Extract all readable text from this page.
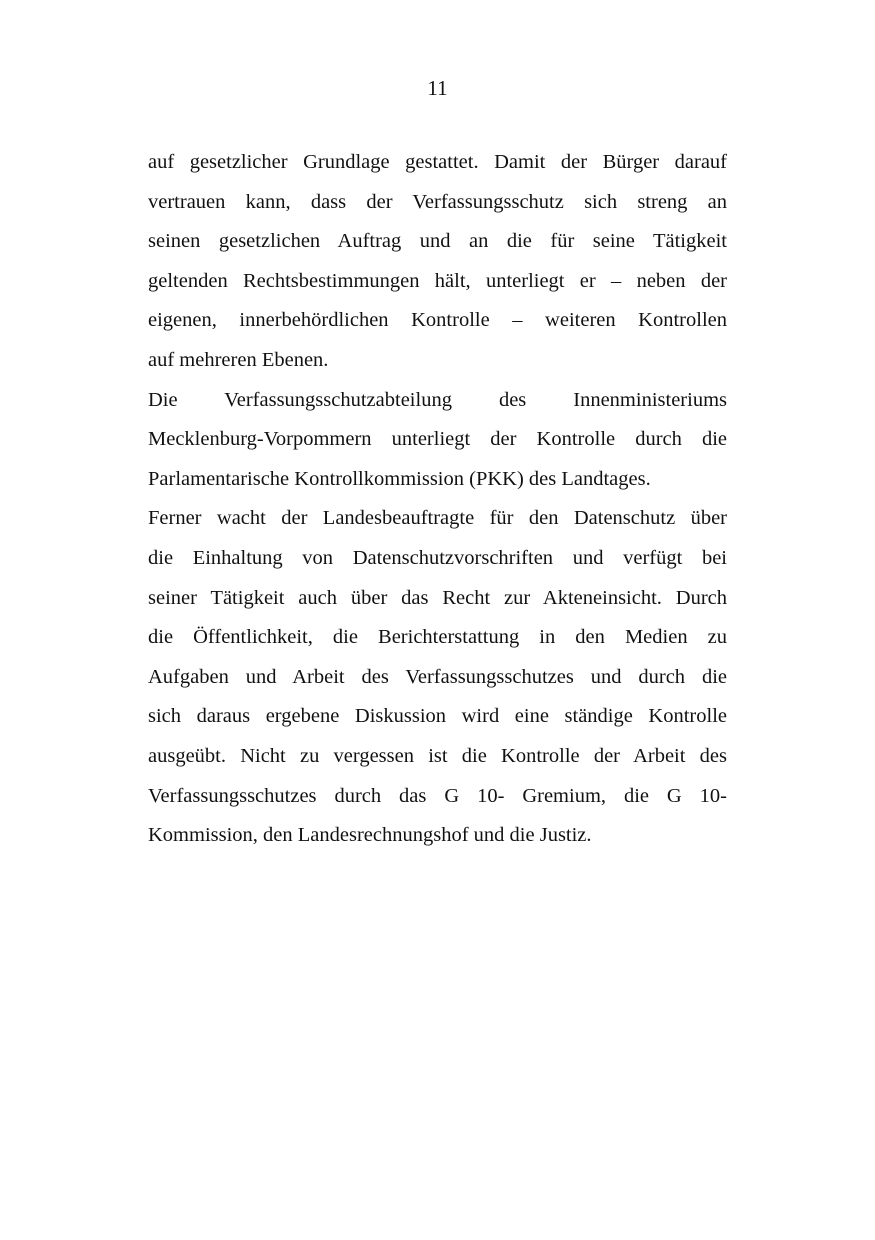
11
auf gesetzlicher Grundlage gestattet. Damit der Bürger darauf
vertrauen kann, dass der Verfassungsschutz sich streng an
seinen gesetzlichen Auftrag und an die für seine Tätigkeit
geltenden Rechtsbestimmungen hält, unterliegt er – neben der
eigenen, innerbehördlichen Kontrolle – weiteren Kontrollen
auf mehreren Ebenen.
Die Verfassungsschutzabteilung des Innenministeriums
Mecklenburg-Vorpommern unterliegt der Kontrolle durch die
Parlamentarische Kontrollkommission (PKK) des Landtages.
Ferner wacht der Landesbeauftragte für den Datenschutz über
die Einhaltung von Datenschutzvorschriften und verfügt bei
seiner Tätigkeit auch über das Recht zur Akteneinsicht. Durch
die Öffentlichkeit, die Berichterstattung in den Medien zu
Aufgaben und Arbeit des Verfassungsschutzes und durch die
sich daraus ergebene Diskussion wird eine ständige Kontrolle
ausgeübt. Nicht zu vergessen ist die Kontrolle der Arbeit des
Verfassungsschutzes durch das G 10- Gremium, die G 10-
Kommission, den Landesrechnungshof und die Justiz.
